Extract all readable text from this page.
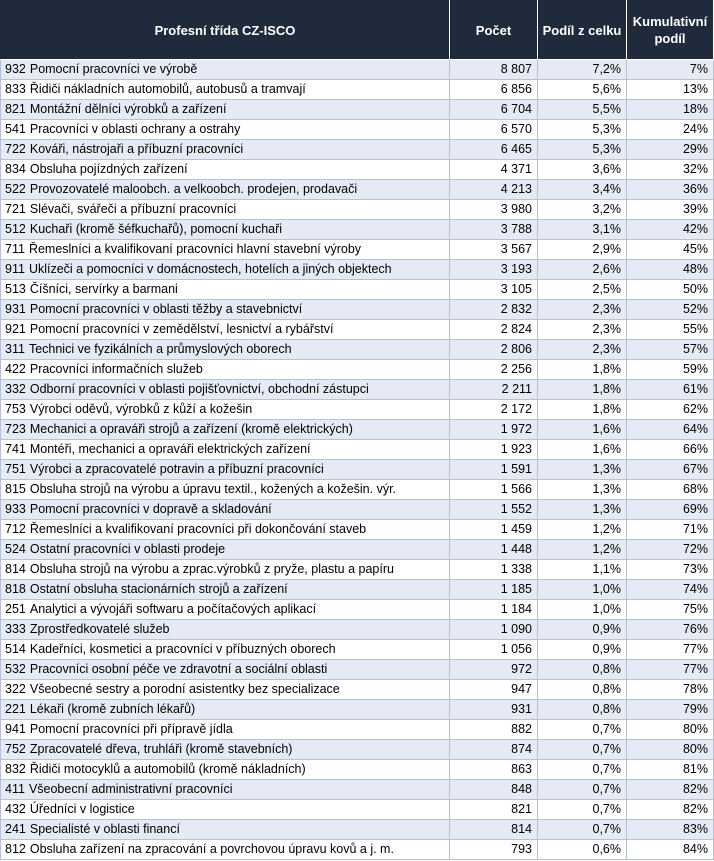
Profesní třída CZ-ISCO	Počet	Podíl z celku	Kumulativní podíl
932 Pomocní pracovníci ve výrobě	8 807	7,2%	7%
833 Řidiči nákladních automobilů, autobusů a tramvají	6 856	5,6%	13%
821 Montážní dělníci výrobků a zařízení	6 704	5,5%	18%
541 Pracovníci v oblasti ochrany a ostrahy	6 570	5,3%	24%
722 Kováři, nástrojaři a příbuzní pracovníci	6 465	5,3%	29%
834 Obsluha pojízdných zařízení	4 371	3,6%	32%
522 Provozovatelé maloobch. a velkoobch. prodejen, prodavači	4 213	3,4%	36%
721 Slévači, svářeči a příbuzní pracovníci	3 980	3,2%	39%
512 Kuchaři (kromě šéfkuchařů), pomocní kuchaři	3 788	3,1%	42%
711 Řemeslníci a kvalifikovaní pracovníci hlavní stavební výroby	3 567	2,9%	45%
911 Uklízeči a pomocníci v domácnostech, hotelích a jiných objektech	3 193	2,6%	48%
513 Číšníci, servírky a barmani	3 105	2,5%	50%
931 Pomocní pracovníci v oblasti těžby a stavebnictví	2 832	2,3%	52%
921 Pomocní pracovníci v zemědělství, lesnictví a rybářství	2 824	2,3%	55%
311 Technici ve fyzikálních a průmyslových oborech	2 806	2,3%	57%
422 Pracovníci informačních služeb	2 256	1,8%	59%
332 Odborní pracovníci v oblasti pojišťovnictví, obchodní zástupci	2 211	1,8%	61%
753 Výrobci oděvů, výrobků z kůží a kožešin	2 172	1,8%	62%
723 Mechanici a opraváři strojů a zařízení (kromě elektrických)	1 972	1,6%	64%
741 Montéři, mechanici a opraváři elektrických zařízení	1 923	1,6%	66%
751 Výrobci a zpracovatelé potravin a příbuzní pracovníci	1 591	1,3%	67%
815 Obsluha strojů na výrobu a úpravu textil., kožených a kožešin. výr.	1 566	1,3%	68%
933 Pomocní pracovníci v dopravě a skladování	1 552	1,3%	69%
712 Řemeslníci a kvalifikovaní pracovníci při dokončování staveb	1 459	1,2%	71%
524 Ostatní pracovníci v oblasti prodeje	1 448	1,2%	72%
814 Obsluha strojů na výrobu a zprac.výrobků z pryže, plastu a papíru	1 338	1,1%	73%
818 Ostatní obsluha stacionárních strojů a zařízení	1 185	1,0%	74%
251 Analytici a vývojáři softwaru a počítačových aplikací	1 184	1,0%	75%
333 Zprostředkovatelé služeb	1 090	0,9%	76%
514 Kadeřníci, kosmetici a pracovníci v příbuzných oborech	1 056	0,9%	77%
532 Pracovníci osobní péče ve zdravotní a sociální oblasti	972	0,8%	77%
322 Všeobecné sestry a porodní asistentky bez specializace	947	0,8%	78%
221 Lékaři (kromě zubních lékařů)	931	0,8%	79%
941 Pomocní pracovníci při přípravě jídla	882	0,7%	80%
752 Zpracovatelé dřeva, truhláři (kromě stavebních)	874	0,7%	80%
832 Řidiči motocyklů a automobilů (kromě nákladních)	863	0,7%	81%
411 Všeobecní administrativní pracovníci	848	0,7%	82%
432 Úředníci v logistice	821	0,7%	82%
241 Specialisté v oblasti financí	814	0,7%	83%
812 Obsluha zařízení na zpracování a povrchovou úpravu kovů a j. m.	793	0,6%	84%
